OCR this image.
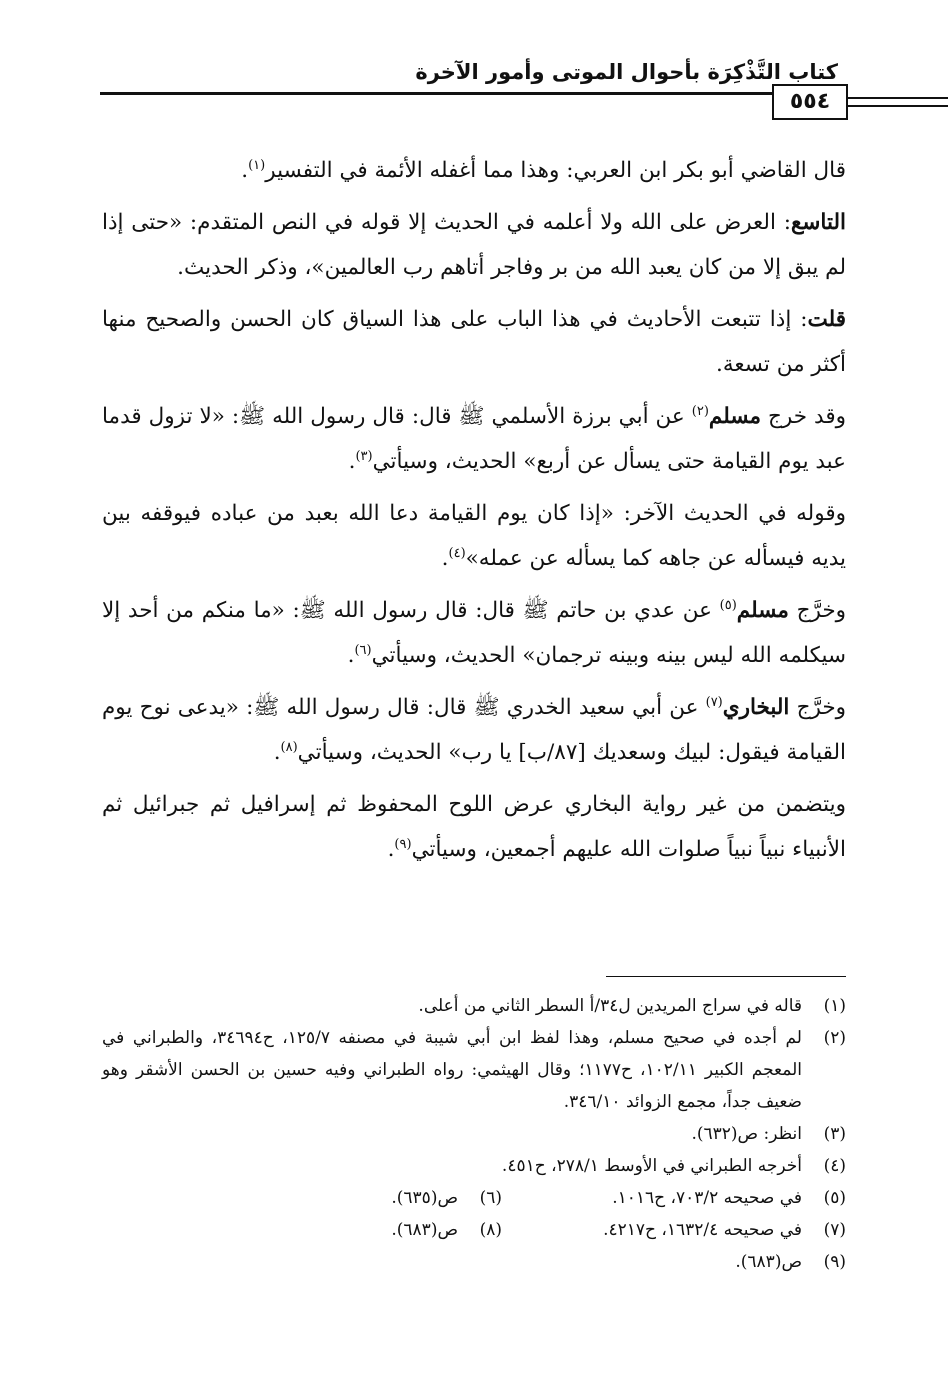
كتاب التَّذْكِرَة بأحوال الموتى وأمور الآخرة
٥٥٤

قال القاضي أبو بكر ابن العربي: وهذا مما أغفله الأئمة في التفسير$^{(١)}$.

التاسع: العرض على الله ولا أعلمه في الحديث إلا قوله في النص المتقدم: «حتى إذا لم يبق إلا من كان يعبد الله من بر وفاجر أتاهم رب العالمين»، وذكر الحديث.

قلت: إذا تتبعت الأحاديث في هذا الباب على هذا السياق كان الحسن والصحيح منها أكثر من تسعة.

وقد خرج مسلم$^{(٢)}$ عن أبي برزة الأسلمي ﷺ قال: قال رسول الله ﷺ: «لا تزول قدما عبد يوم القيامة حتى يسأل عن أربع» الحديث، وسيأتي$^{(٣)}$.

وقوله في الحديث الآخر: «إذا كان يوم القيامة دعا الله بعبد من عباده فيوقفه بين يديه فيسأله عن جاهه كما يسأله عن عمله»$^{(٤)}$.

وخرَّج مسلم$^{(٥)}$ عن عدي بن حاتم ﷺ قال: قال رسول الله ﷺ: «ما منكم من أحد إلا سيكلمه الله ليس بينه وبينه ترجمان» الحديث، وسيأتي$^{(٦)}$.

وخرَّج البخاري$^{(٧)}$ عن أبي سعيد الخدري ﷺ قال: قال رسول الله ﷺ: «يدعى نوح يوم القيامة فيقول: لبيك وسعديك [٨٧/ب] يا رب» الحديث، وسيأتي$^{(٨)}$.

ويتضمن من غير رواية البخاري عرض اللوح المحفوظ ثم إسرافيل ثم جبرائيل ثم الأنبياء نبياً نبياً صلوات الله عليهم أجمعين، وسيأتي$^{(٩)}$.

(١)
قاله في سراج المريدين ل٣٤/أ السطر الثاني من أعلى.

(٢)
لم أجده في صحيح مسلم، وهذا لفظ ابن أبي شيبة في مصنفه ١٢٥/٧، ح٣٤٦٩٤، والطبراني في المعجم الكبير ١٠٢/١١، ح١١٧٧؛ وقال الهيثمي: رواه الطبراني وفيه حسين بن الحسن الأشقر وهو ضعيف جداً، مجمع الزوائد ٣٤٦/١٠.

(٣)
انظر: ص(٦٣٢).

(٤)
أخرجه الطبراني في الأوسط ٢٧٨/١، ح٤٥١.

(٥)
في صحيحه ٧٠٣/٢، ح١٠١٦.
(٦)
ص(٦٣٥).
(٧)
في صحيحه ١٦٣٢/٤، ح٤٢١٧.
(٨)
ص(٦٨٣).

(٩)
ص(٦٨٣).
